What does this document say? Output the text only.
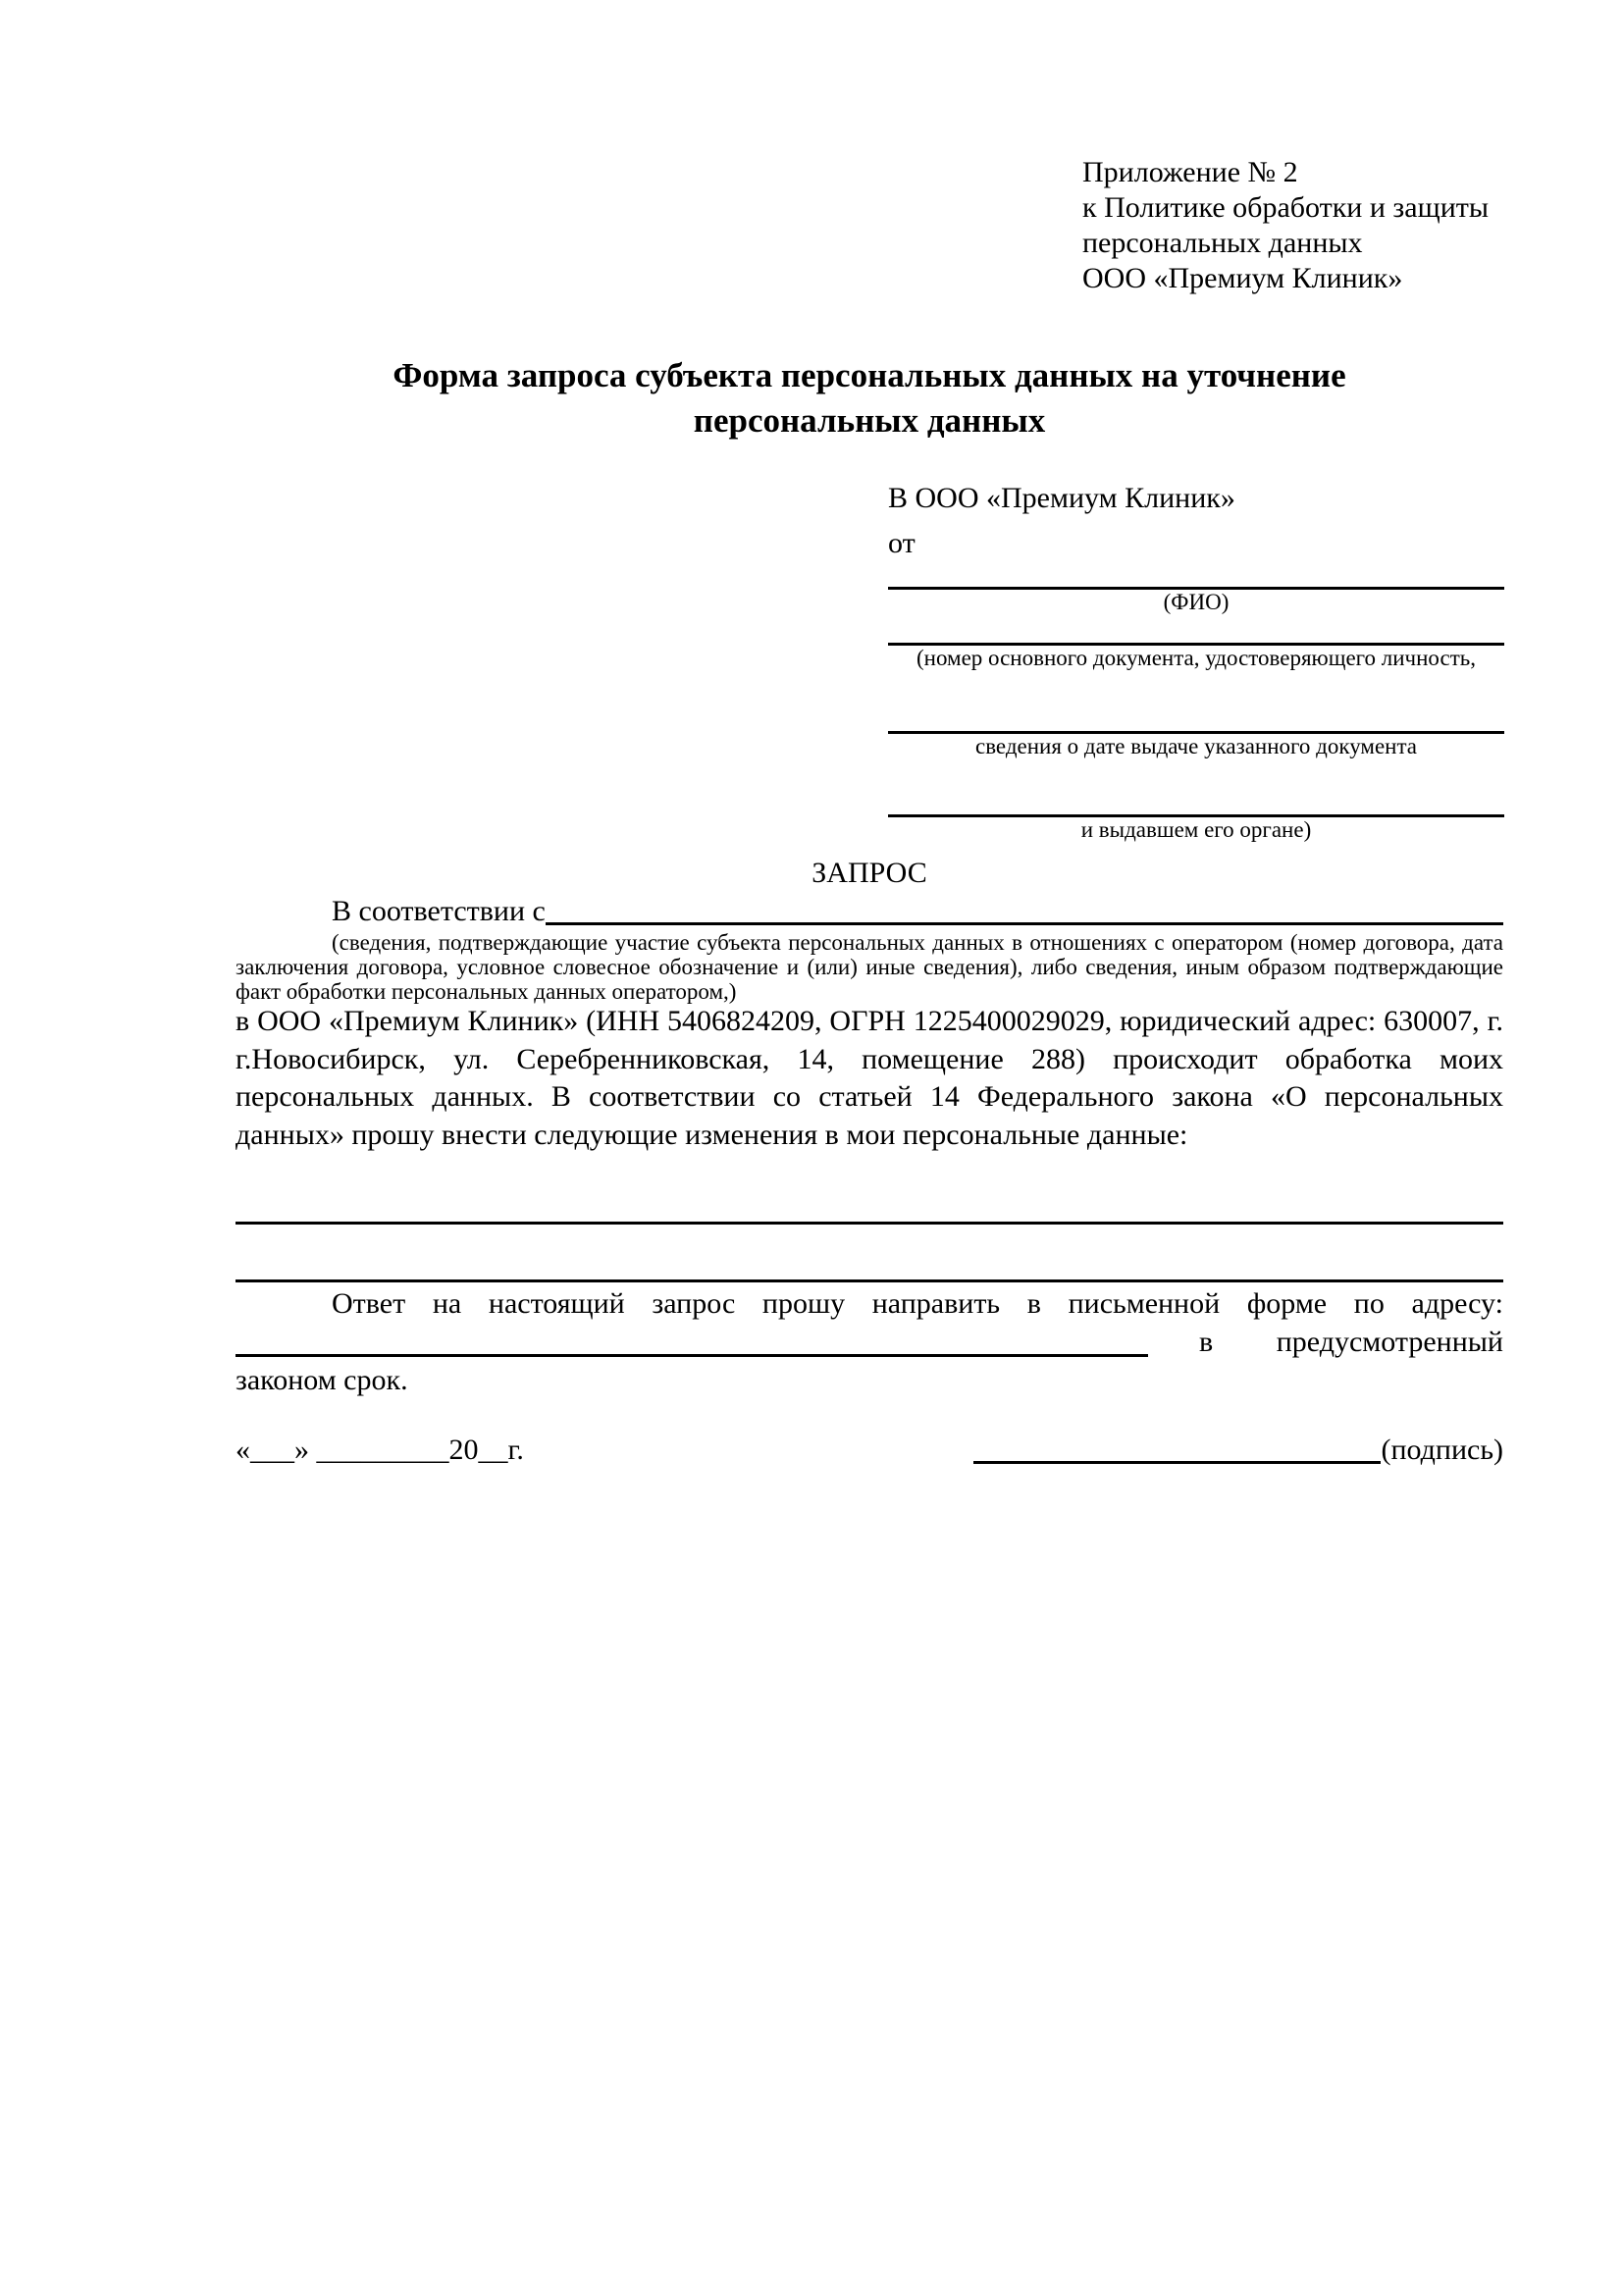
Приложение № 2
к Политике обработки и защиты
персональных данных
ООО «Премиум Клиник»
Форма запроса субъекта персональных данных на уточнение персональных данных
В ООО «Премиум Клиник»
от
(ФИО)
(номер основного документа, удостоверяющего личность,
сведения о дате выдаче указанного документа
и выдавшем его органе)
ЗАПРОС
В соответствии с
(сведения, подтверждающие участие субъекта персональных данных в отношениях с оператором (номер договора, дата заключения договора, условное словесное обозначение и (или) иные сведения), либо сведения, иным образом подтверждающие факт обработки персональных данных оператором,)
в ООО «Премиум Клиник» (ИНН 5406824209, ОГРН 1225400029029, юридический адрес: 630007, г. г.Новосибирск, ул. Серебренниковская, 14, помещение 288) происходит обработка моих персональных данных. В соответствии со статьей 14 Федерального закона «О персональных данных» прошу внести следующие изменения в мои персональные данные:
Ответ на настоящий запрос прошу направить в письменной форме по адресу:
в предусмотренный
законом срок.
«___» _________20__г.	(подпись)
